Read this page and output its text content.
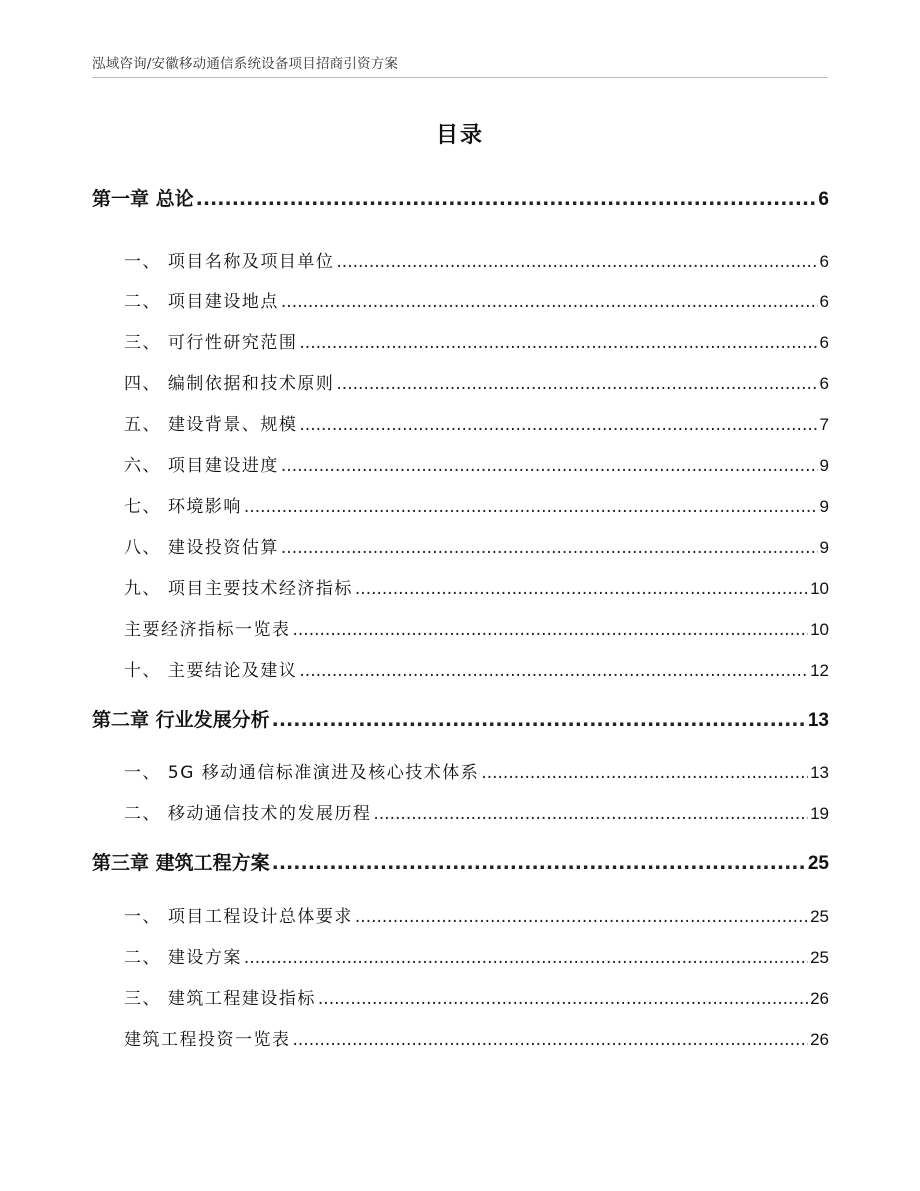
泓域咨询/安徽移动通信系统设备项目招商引资方案
目录
第一章 总论 .....	6
一、 项目名称及项目单位 .....	6
二、 项目建设地点 .....	6
三、 可行性研究范围 .....	6
四、 编制依据和技术原则 .....	6
五、 建设背景、规模 .....	7
六、 项目建设进度 .....	9
七、 环境影响 .....	9
八、 建设投资估算 .....	9
九、 项目主要技术经济指标 .....	10
主要经济指标一览表 .....	10
十、 主要结论及建议 .....	12
第二章 行业发展分析 .....	13
一、 5G 移动通信标准演进及核心技术体系 .....	13
二、 移动通信技术的发展历程 .....	19
第三章 建筑工程方案 .....	25
一、 项目工程设计总体要求 .....	25
二、 建设方案 .....	25
三、 建筑工程建设指标 .....	26
建筑工程投资一览表 .....	26
